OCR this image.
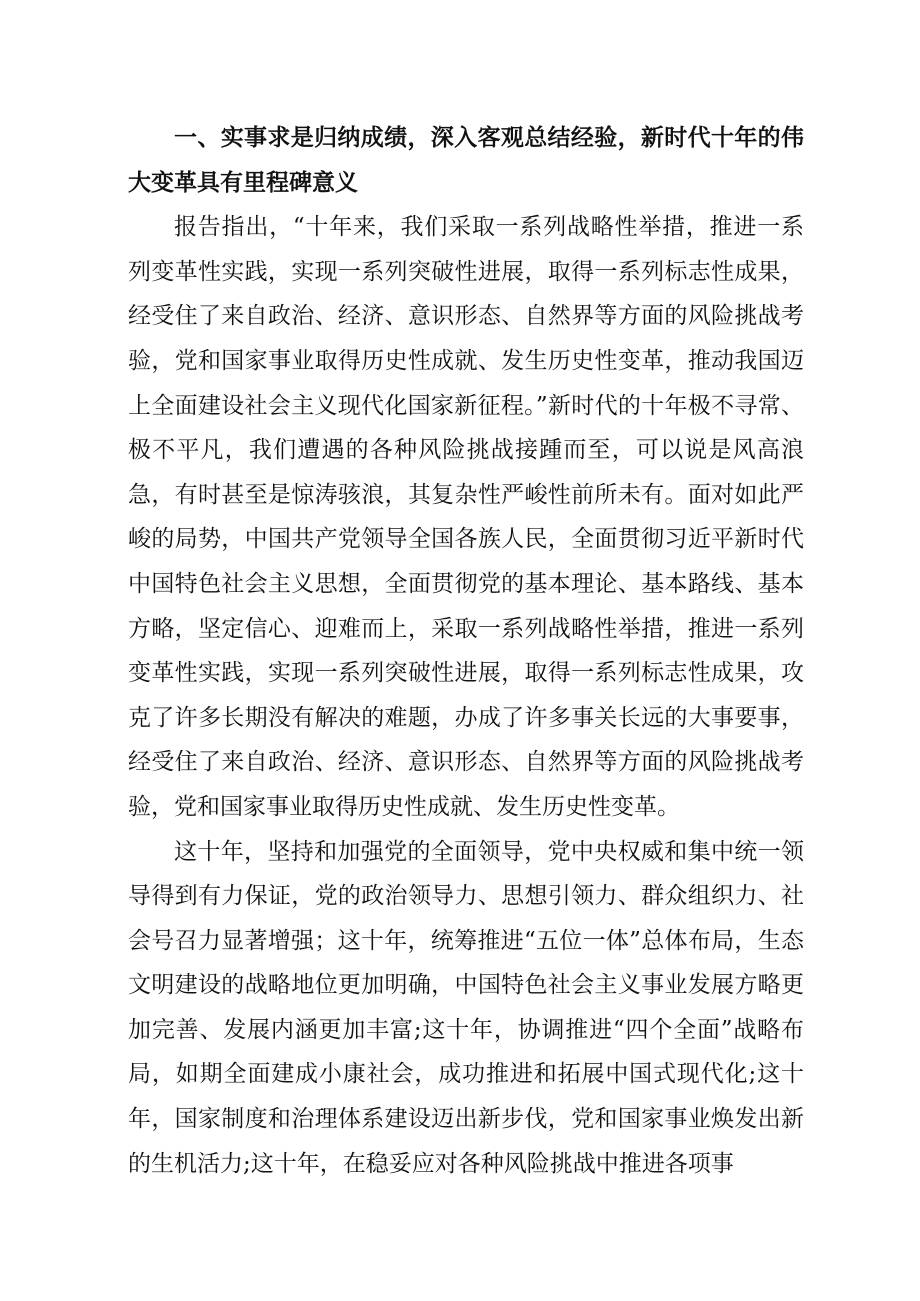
一、实事求是归纳成绩，深入客观总结经验，新时代十年的伟大变革具有里程碑意义

报告指出，“十年来，我们采取一系列战略性举措，推进一系列变革性实践，实现一系列突破性进展，取得一系列标志性成果，经受住了来自政治、经济、意识形态、自然界等方面的风险挑战考验，党和国家事业取得历史性成就、发生历史性变革，推动我国迈上全面建设社会主义现代化国家新征程。”新时代的十年极不寻常、极不平凡，我们遭遇的各种风险挑战接踵而至，可以说是风高浪急，有时甚至是惊涛骇浪，其复杂性严峻性前所未有。面对如此严峻的局势，中国共产党领导全国各族人民，全面贯彻习近平新时代中国特色社会主义思想，全面贯彻党的基本理论、基本路线、基本方略，坚定信心、迎难而上，采取一系列战略性举措，推进一系列变革性实践，实现一系列突破性进展，取得一系列标志性成果，攻克了许多长期没有解决的难题，办成了许多事关长远的大事要事，经受住了来自政治、经济、意识形态、自然界等方面的风险挑战考验，党和国家事业取得历史性成就、发生历史性变革。

这十年，坚持和加强党的全面领导，党中央权威和集中统一领导得到有力保证，党的政治领导力、思想引领力、群众组织力、社会号召力显著增强；这十年，统筹推进“五位一体”总体布局，生态文明建设的战略地位更加明确，中国特色社会主义事业发展方略更加完善、发展内涵更加丰富;这十年，协调推进“四个全面”战略布局，如期全面建成小康社会，成功推进和拓展中国式现代化;这十年，国家制度和治理体系建设迈出新步伐，党和国家事业焕发出新的生机活力;这十年，在稳妥应对各种风险挑战中推进各项事
